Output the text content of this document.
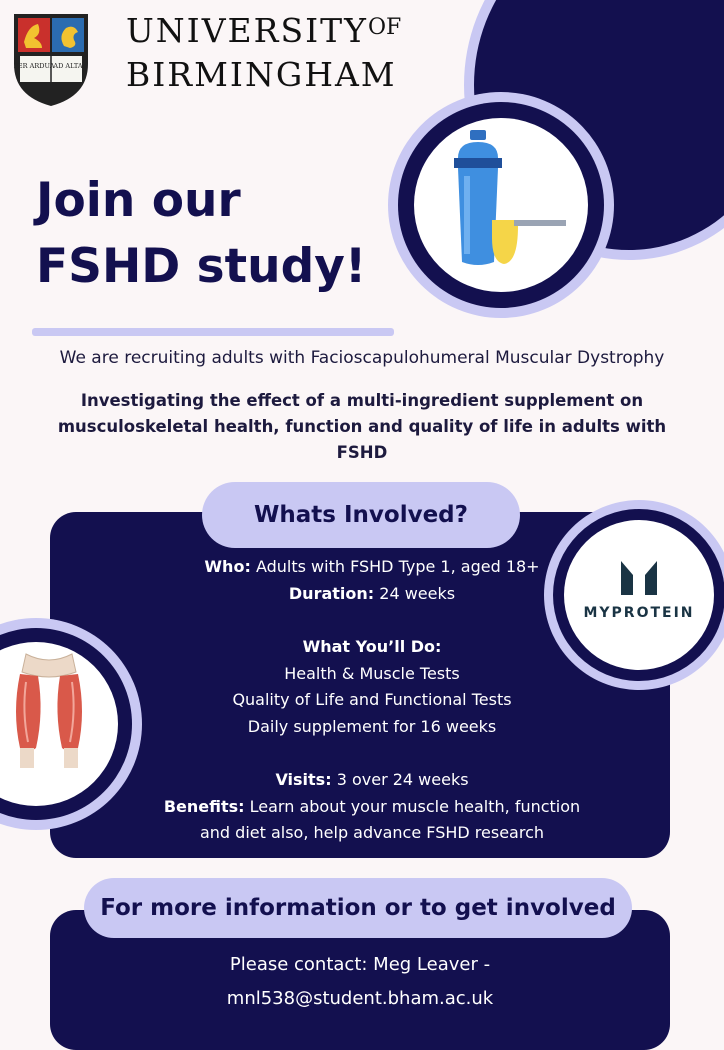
PER ARDUA AD ALTA
$UNIVERSITY^{OF}$
BIRMINGHAM
Join our
FSHD study!
We are recruiting adults with Facioscapulohumeral Muscular Dystrophy
Investigating the effect of a multi-ingredient supplement on
musculoskeletal health, function and quality of life in adults with
FSHD
Whats Involved?

Who: Adults with FSHD Type 1, aged 18+

Duration: 24 weeks

What You’ll Do:

Health & Muscle Tests

Quality of Life and Functional Tests

Daily supplement for 16 weeks

Visits: 3 over 24 weeks

Benefits: Learn about your muscle health, function

and diet also, help advance FSHD research

MYPROTEIN
For more information or to get involved
Please contact: Meg Leaver -
mnl538@student.bham.ac.uk
